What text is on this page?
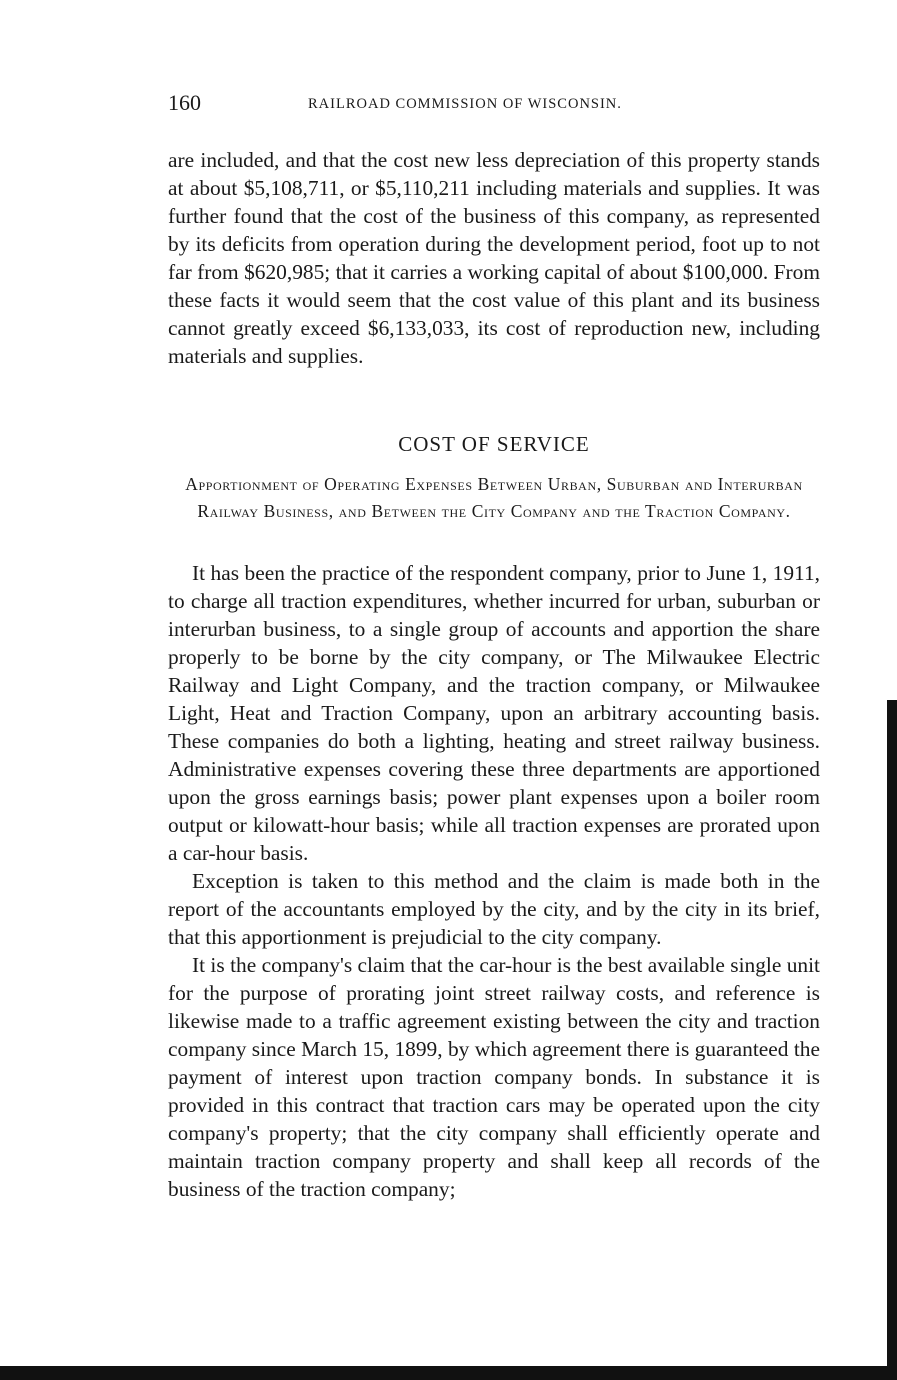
160	RAILROAD COMMISSION OF WISCONSIN.

are included, and that the cost new less depreciation of this property stands at about $5,108,711, or $5,110,211 including materials and supplies. It was further found that the cost of the business of this company, as represented by its deficits from operation during the development period, foot up to not far from $620,985; that it carries a working capital of about $100,000. From these facts it would seem that the cost value of this plant and its business cannot greatly exceed $6,133,033, its cost of reproduction new, including materials and supplies.

COST OF SERVICE
Apportionment of Operating Expenses Between Urban, Suburban and Interurban Railway Business, and Between the City Company and the Traction Company.

It has been the practice of the respondent company, prior to June 1, 1911, to charge all traction expenditures, whether incurred for urban, suburban or interurban business, to a single group of accounts and apportion the share properly to be borne by the city company, or The Milwaukee Electric Railway and Light Company, and the traction company, or Milwaukee Light, Heat and Traction Company, upon an arbitrary accounting basis. These companies do both a lighting, heating and street railway business. Administrative expenses covering these three departments are apportioned upon the gross earnings basis; power plant expenses upon a boiler room output or kilowatt-hour basis; while all traction expenses are prorated upon a car-hour basis.

Exception is taken to this method and the claim is made both in the report of the accountants employed by the city, and by the city in its brief, that this apportionment is prejudicial to the city company.

It is the company's claim that the car-hour is the best available single unit for the purpose of prorating joint street railway costs, and reference is likewise made to a traffic agreement existing between the city and traction company since March 15, 1899, by which agreement there is guaranteed the payment of interest upon traction company bonds. In substance it is provided in this contract that traction cars may be operated upon the city company's property; that the city company shall efficiently operate and maintain traction company property and shall keep all records of the business of the traction company;
